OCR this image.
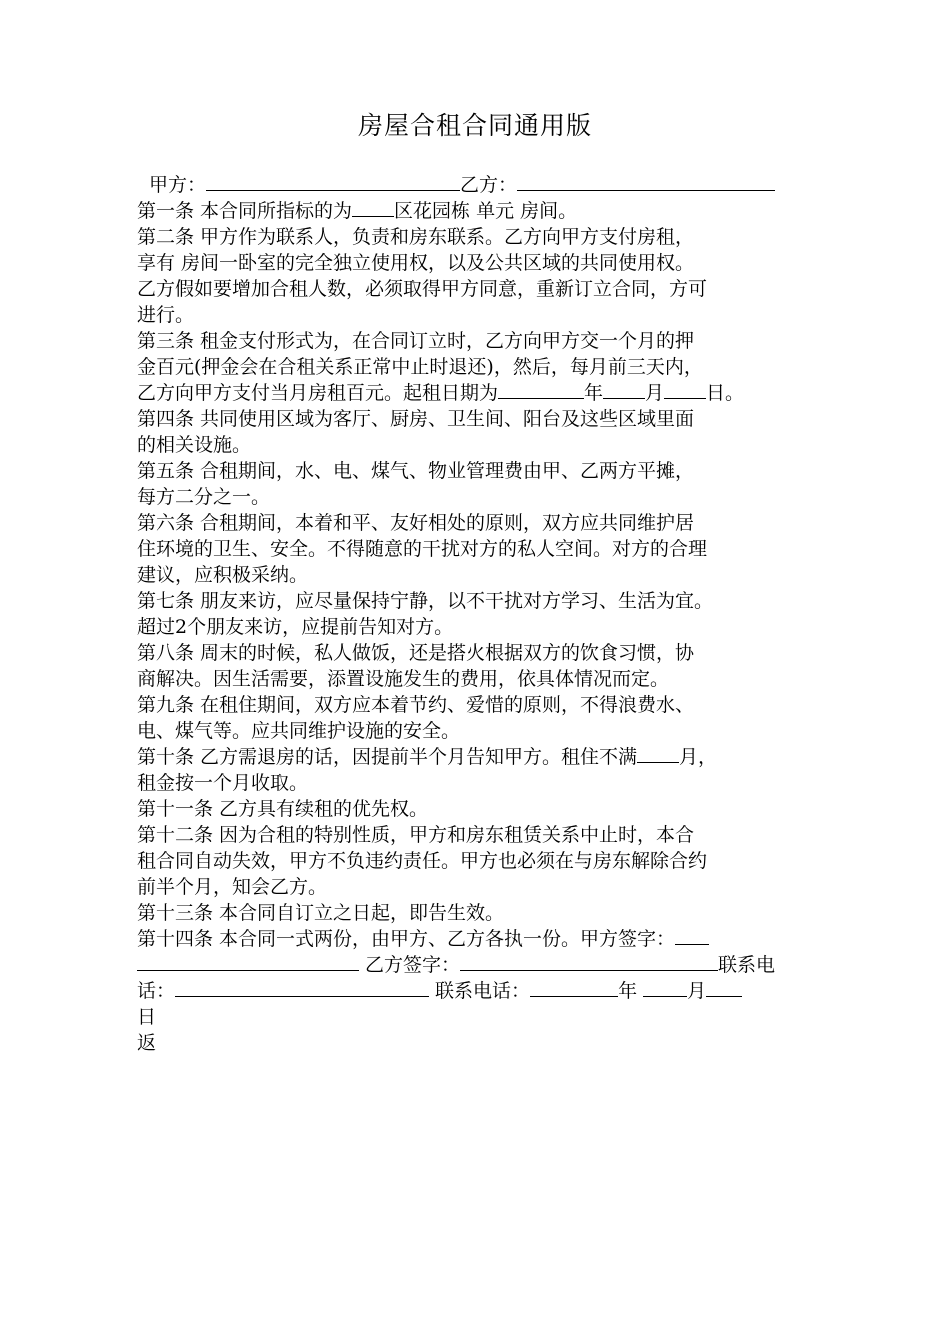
房屋合租合同通用版
甲方：	乙方：
第一条 本合同所指标的为 区花园栋 单元 房间。
第二条 甲方作为联系人，负责和房东联系。乙方向甲方支付房租，
享有 房间一卧室的完全独立使用权，以及公共区域的共同使用权。
乙方假如要增加合租人数，必须取得甲方同意，重新订立合同，方可
进行。
第三条 租金支付形式为，在合同订立时，乙方向甲方交一个月的押
金百元(押金会在合租关系正常中止时退还)，然后，每月前三天内，
乙方向甲方支付当月房租百元。起租日期为	年 月 日。
第四条 共同使用区域为客厅、厨房、卫生间、阳台及这些区域里面
的相关设施。
第五条 合租期间，水、电、煤气、物业管理费由甲、乙两方平摊，
每方二分之一。
第六条 合租期间，本着和平、友好相处的原则，双方应共同维护居
住环境的卫生、安全。不得随意的干扰对方的私人空间。对方的合理
建议，应积极采纳。
第七条 朋友来访，应尽量保持宁静，以不干扰对方学习、生活为宜。
超过2个朋友来访，应提前告知对方。
第八条 周末的时候，私人做饭，还是搭火根据双方的饮食习惯，协
商解决。因生活需要，添置设施发生的费用，依具体情况而定。
第九条 在租住期间，双方应本着节约、爱惜的原则，不得浪费水、
电、煤气等。应共同维护设施的安全。
第十条 乙方需退房的话，因提前半个月告知甲方。租住不满 月，
租金按一个月收取。
第十一条 乙方具有续租的优先权。
第十二条 因为合租的特别性质，甲方和房东租赁关系中止时，本合
租合同自动失效，甲方不负违约责任。甲方也必须在与房东解除合约
前半个月，知会乙方。
第十三条 本合同自订立之日起，即告生效。
第十四条 本合同一式两份，由甲方、乙方各执一份。甲方签字：
乙方签字：	联系电
话：	联系电话：	年 月
日
返
